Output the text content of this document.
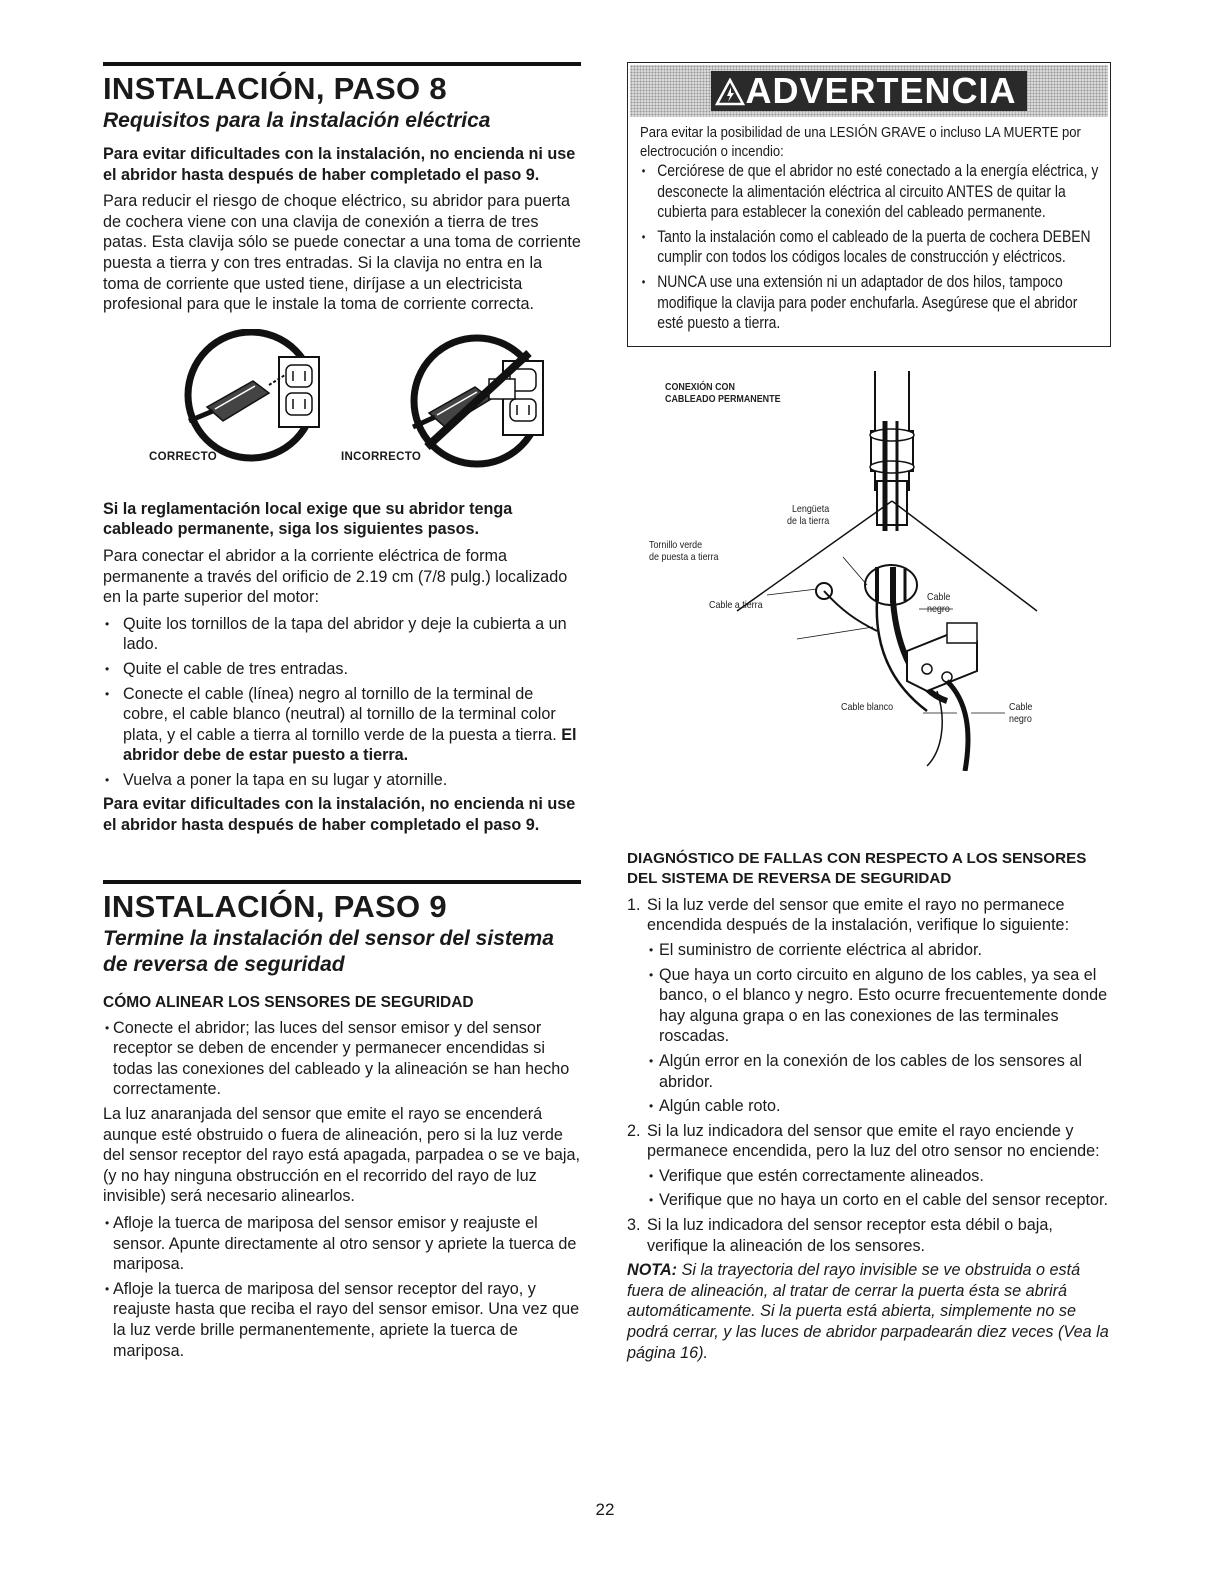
INSTALACIÓN, PASO 8
Requisitos para la instalación eléctrica

Para evitar dificultades con la instalación, no encienda ni use el abridor hasta después de haber completado el paso 9.

Para reducir el riesgo de choque eléctrico, su abridor para puerta de cochera viene con una clavija de conexión a tierra de tres patas. Esta clavija sólo se puede conectar a una toma de corriente puesta a tierra y con tres entradas. Si la clavija no entra en la toma de corriente que usted tiene, diríjase a un electricista profesional para que le instale la toma de corriente correcta.

CORRECTO	INCORRECTO

Si la reglamentación local exige que su abridor tenga cableado permanente, siga los siguientes pasos.

Para conectar el abridor a la corriente eléctrica de forma permanente a través del orificio de 2.19 cm (7/8 pulg.) localizado en la parte superior del motor:

• Quite los tornillos de la tapa del abridor y deje la cubierta a un lado.
• Quite el cable de tres entradas.
• Conecte el cable (línea) negro al tornillo de la terminal de cobre, el cable blanco (neutral) al tornillo de la terminal color plata, y el cable a tierra al tornillo verde de la puesta a tierra. El abridor debe de estar puesto a tierra.
• Vuelva a poner la tapa en su lugar y atornille.

Para evitar dificultades con la instalación, no encienda ni use el abridor hasta después de haber completado el paso 9.

INSTALACIÓN, PASO 9
Termine la instalación del sensor del sistema de reversa de seguridad
CÓMO ALINEAR LOS SENSORES DE SEGURIDAD
• Conecte el abridor; las luces del sensor emisor y del sensor receptor se deben de encender y permanecer encendidas si todas las conexiones del cableado y la alineación se han hecho correctamente.

La luz anaranjada del sensor que emite el rayo se encenderá aunque esté obstruido o fuera de alineación, pero si la luz verde del sensor receptor del rayo está apagada, parpadea o se ve baja, (y no hay ninguna obstrucción en el recorrido del rayo de luz invisible) será necesario alinearlos.

• Afloje la tuerca de mariposa del sensor emisor y reajuste el sensor. Apunte directamente al otro sensor y apriete la tuerca de mariposa.
• Afloje la tuerca de mariposa del sensor receptor del rayo, y reajuste hasta que reciba el rayo del sensor emisor. Una vez que la luz verde brille permanentemente, apriete la tuerca de mariposa.
ADVERTENCIA

Para evitar la posibilidad de una LESIÓN GRAVE o incluso LA MUERTE por electrocución o incendio:

• Cerciórese de que el abridor no esté conectado a la energía eléctrica, y desconecte la alimentación eléctrica al circuito ANTES de quitar la cubierta para establecer la conexión del cableado permanente.
• Tanto la instalación como el cableado de la puerta de cochera DEBEN cumplir con todos los códigos locales de construcción y eléctricos.
• NUNCA use una extensión ni un adaptador de dos hilos, tampoco modifique la clavija para poder enchufarla. Asegúrese que el abridor esté puesto a tierra.
CONEXIÓN CON
CABLEADO PERMANENTE
Lengüeta
de la tierra
Tornillo verde
de puesta a tierra
Cable a tierra
Cable
negro
Cable blanco	Cable
negro
DIAGNÓSTICO DE FALLAS CON RESPECTO A LOS SENSORES DEL SISTEMA DE REVERSA DE SEGURIDAD
1. Si la luz verde del sensor que emite el rayo no permanece encendida después de la instalación, verifique lo siguiente:
• El suministro de corriente eléctrica al abridor.
• Que haya un corto circuito en alguno de los cables, ya sea el banco, o el blanco y negro. Esto ocurre frecuentemente donde hay alguna grapa o en las conexiones de las terminales roscadas.
• Algún error en la conexión de los cables de los sensores al abridor.
• Algún cable roto.
2. Si la luz indicadora del sensor que emite el rayo enciende y permanece encendida, pero la luz del otro sensor no enciende:
• Verifique que estén correctamente alineados.
• Verifique que no haya un corto en el cable del sensor receptor.
3. Si la luz indicadora del sensor receptor esta débil o baja, verifique la alineación de los sensores.

NOTA: Si la trayectoria del rayo invisible se ve obstruida o está fuera de alineación, al tratar de cerrar la puerta ésta se abrirá automáticamente. Si la puerta está abierta, simplemente no se podrá cerrar, y las luces de abridor parpadearán diez veces (Vea la página 16).

22
